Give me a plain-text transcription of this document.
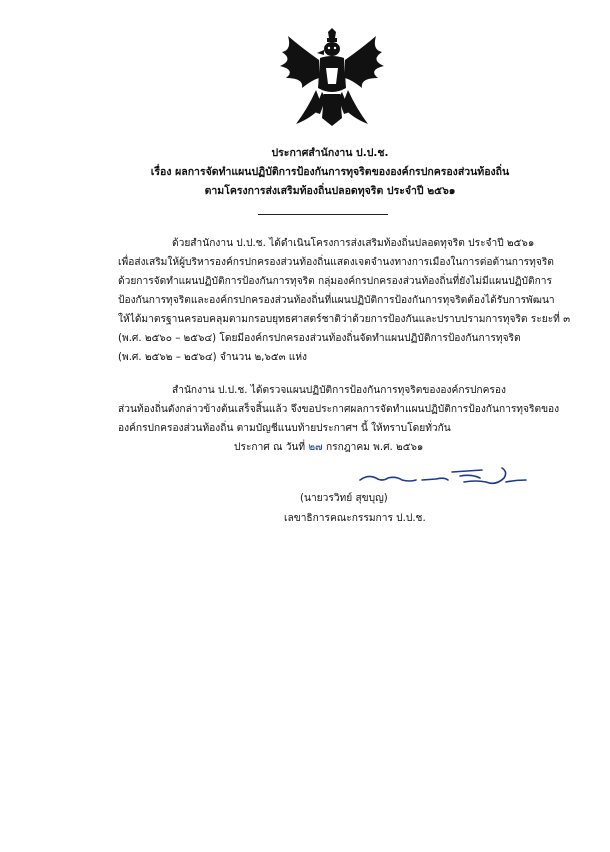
ประกาศสำนักงาน ป.ป.ช.
เรื่อง ผลการจัดทำแผนปฏิบัติการป้องกันการทุจริตขององค์กรปกครองส่วนท้องถิ่น
ตามโครงการส่งเสริมท้องถิ่นปลอดทุจริต ประจำปี ๒๕๖๑
ด้วยสำนักงาน ป.ป.ช. ได้ดำเนินโครงการส่งเสริมท้องถิ่นปลอดทุจริต ประจำปี ๒๕๖๑
เพื่อส่งเสริมให้ผู้บริหารองค์กรปกครองส่วนท้องถิ่นแสดงเจตจำนงทางการเมืองในการต่อต้านการทุจริต
ด้วยการจัดทำแผนปฏิบัติการป้องกันการทุจริต กลุ่มองค์กรปกครองส่วนท้องถิ่นที่ยังไม่มีแผนปฏิบัติการ
ป้องกันการทุจริตและองค์กรปกครองส่วนท้องถิ่นที่แผนปฏิบัติการป้องกันการทุจริตต้องได้รับการพัฒนา
ให้ได้มาตรฐานครอบคลุมตามกรอบยุทธศาสตร์ชาติว่าด้วยการป้องกันและปราบปรามการทุจริต ระยะที่ ๓
(พ.ศ. ๒๕๖๐ – ๒๕๖๔) โดยมีองค์กรปกครองส่วนท้องถิ่นจัดทำแผนปฏิบัติการป้องกันการทุจริต
(พ.ศ. ๒๕๖๒ – ๒๕๖๔) จำนวน ๒,๖๕๓ แห่ง
สำนักงาน ป.ป.ช. ได้ตรวจแผนปฏิบัติการป้องกันการทุจริตขององค์กรปกครอง
ส่วนท้องถิ่นดังกล่าวข้างต้นเสร็จสิ้นแล้ว จึงขอประกาศผลการจัดทำแผนปฏิบัติการป้องกันการทุจริตของ
องค์กรปกครองส่วนท้องถิ่น ตามบัญชีแนบท้ายประกาศฯ นี้ ให้ทราบโดยทั่วกัน
ประกาศ ณ วันที่ ๒๗ กรกฎาคม พ.ศ. ๒๕๖๑
(นายวรวิทย์ สุขบุญ)
เลขาธิการคณะกรรมการ ป.ป.ช.
